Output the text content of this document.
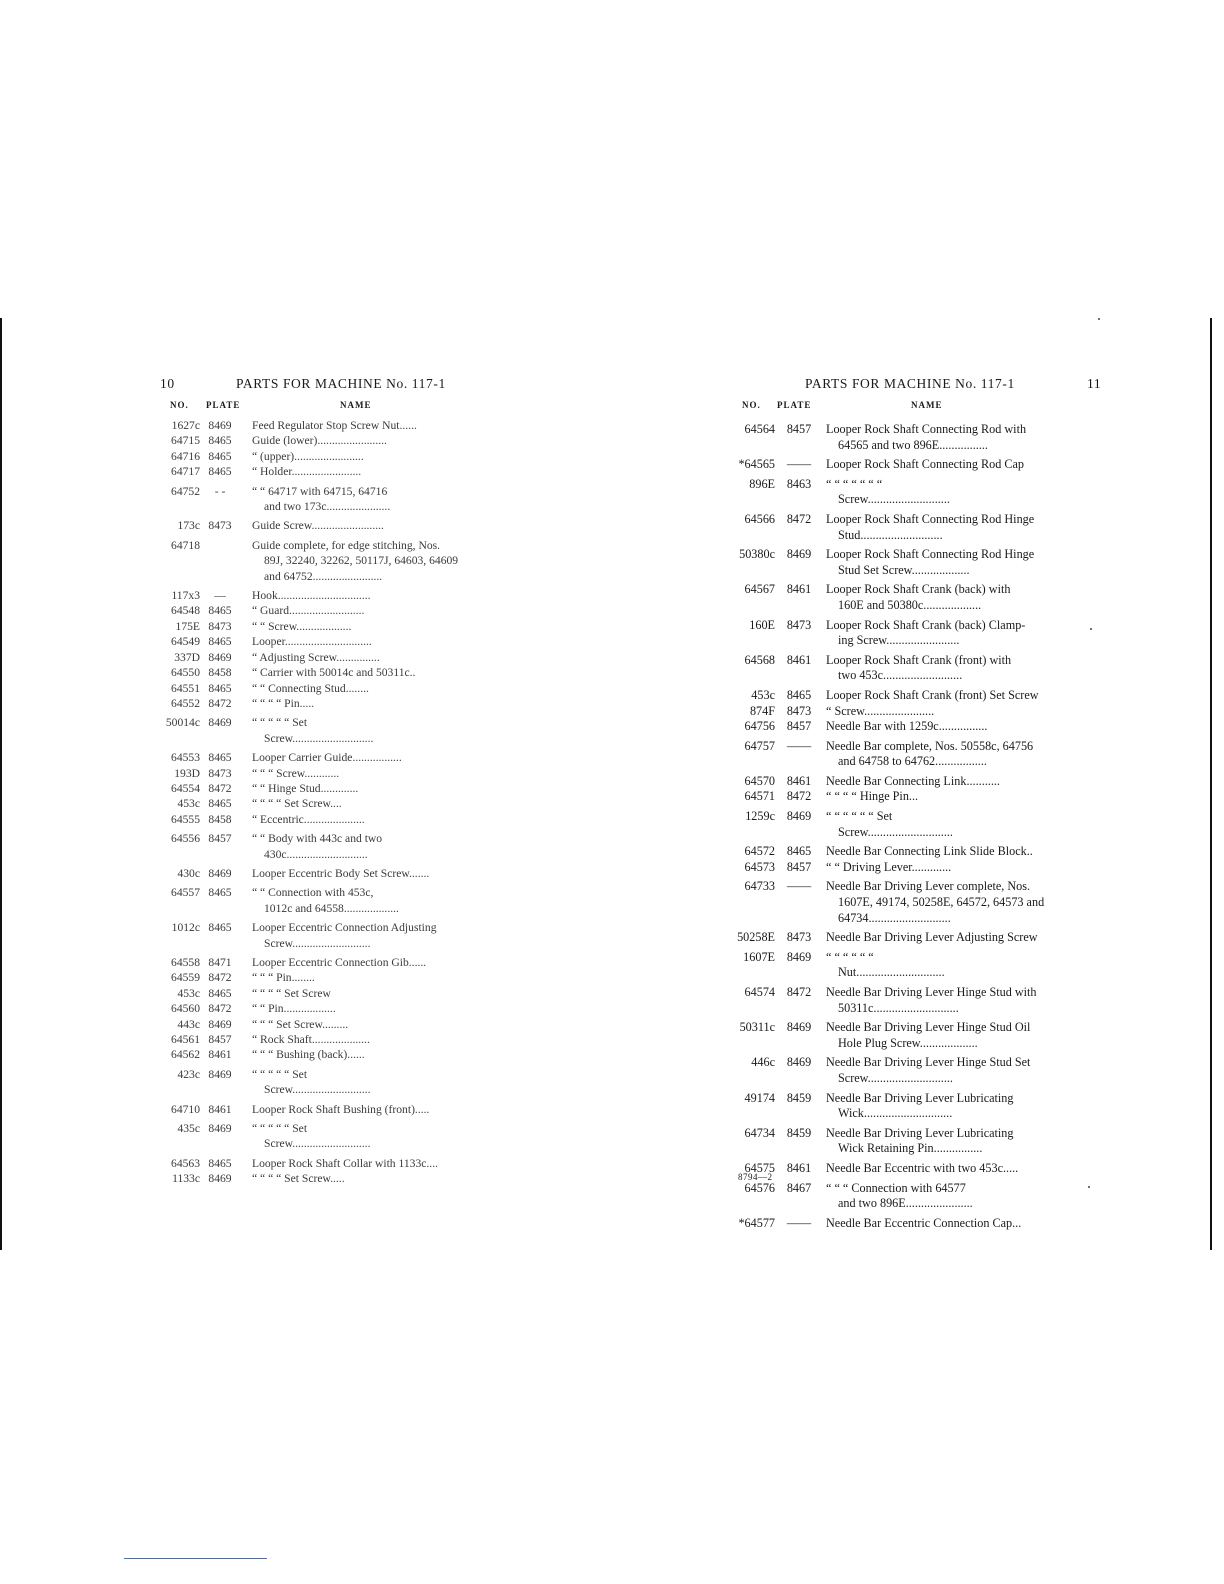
10	PARTS FOR MACHINE No. 117-1
NO. PLATE	NAME
1627c 8469	Feed Regulator Stop Screw Nut......
64715 8465	Guide (lower)........................
64716 8465	“ (upper)........................
64717 8465	“ Holder........................
64752	- -	“ “ 64717 with 64715, 64716
and two 173c......................
173c 8473	Guide Screw.........................
64718	Guide complete, for edge stitching, Nos.
89J, 32240, 32262, 50117J, 64603, 64609
and 64752........................
117x3	—	Hook................................
64548 8465	“ Guard..........................
175E 8473	“ “ Screw...................
64549 8465	Looper..............................
337D 8469	“ Adjusting Screw...............
64550 8458	“ Carrier with 50014c and 50311c..
64551 8465	“ “ Connecting Stud........
64552 8472	“ “ “ “ Pin.....
50014c 8469	“ “ “ “ “ Set
Screw............................
64553 8465	Looper Carrier Guide.................
193D 8473	“ “ “ Screw............
64554 8472	“ “ Hinge Stud.............
453c 8465	“ “ “ “ Set Screw....
64555 8458	“ Eccentric.....................
64556 8457	“ “ Body with 443c and two
430c............................
430c 8469	Looper Eccentric Body Set Screw.......
64557 8465	“ “ Connection with 453c,
1012c and 64558...................
1012c 8465	Looper Eccentric Connection Adjusting
Screw...........................
64558 8471	Looper Eccentric Connection Gib......
64559 8472	“ “ “ Pin........
453c 8465	“ “ “ “ Set Screw
64560 8472	“ “ Pin..................
443c 8469	“ “ “ Set Screw.........
64561 8457	“ Rock Shaft....................
64562 8461	“ “ “ Bushing (back)......
423c 8469	“ “ “ “ “ Set
Screw...........................
64710 8461	Looper Rock Shaft Bushing (front).....
435c 8469	“ “ “ “ “ Set
Screw...........................
64563 8465	Looper Rock Shaft Collar with 1133c....
1133c 8469	“ “ “ “ Set Screw.....
PARTS FOR MACHINE No. 117-1	11
NO. PLATE	NAME
64564 8457	Looper Rock Shaft Connecting Rod with
64565 and two 896E................
*64565 ——	Looper Rock Shaft Connecting Rod Cap
896E 8463	“ “ “ “ “ “ “
Screw...........................
64566 8472	Looper Rock Shaft Connecting Rod Hinge
Stud...........................
50380c 8469	Looper Rock Shaft Connecting Rod Hinge
Stud Set Screw...................
64567 8461	Looper Rock Shaft Crank (back) with
160E and 50380c...................
160E 8473	Looper Rock Shaft Crank (back) Clamp-
ing Screw........................
64568 8461	Looper Rock Shaft Crank (front) with
two 453c..........................
453c 8465	Looper Rock Shaft Crank (front) Set Screw
874F 8473	“ Screw.......................
64756 8457	Needle Bar with 1259c................
64757 ——	Needle Bar complete, Nos. 50558c, 64756
and 64758 to 64762.................
64570 8461	Needle Bar Connecting Link...........
64571 8472	“ “ “ “ Hinge Pin...
1259c 8469	“ “ “ “ “ “ Set
Screw............................
64572 8465	Needle Bar Connecting Link Slide Block..
64573 8457	“ “ Driving Lever.............
64733 ——	Needle Bar Driving Lever complete, Nos.
1607E, 49174, 50258E, 64572, 64573 and
64734...........................
50258E 8473	Needle Bar Driving Lever Adjusting Screw
1607E 8469	“ “ “ “ “ “
Nut.............................
64574 8472	Needle Bar Driving Lever Hinge Stud with
50311c............................
50311c 8469	Needle Bar Driving Lever Hinge Stud Oil
Hole Plug Screw...................
446c 8469	Needle Bar Driving Lever Hinge Stud Set
Screw............................
49174 8459	Needle Bar Driving Lever Lubricating
Wick.............................
64734 8459	Needle Bar Driving Lever Lubricating
Wick Retaining Pin................
64575 8461	Needle Bar Eccentric with two 453c.....
64576 8467	“ “ “ Connection with 64577
and two 896E......................
*64577 ——	Needle Bar Eccentric Connection Cap...
8794—2
